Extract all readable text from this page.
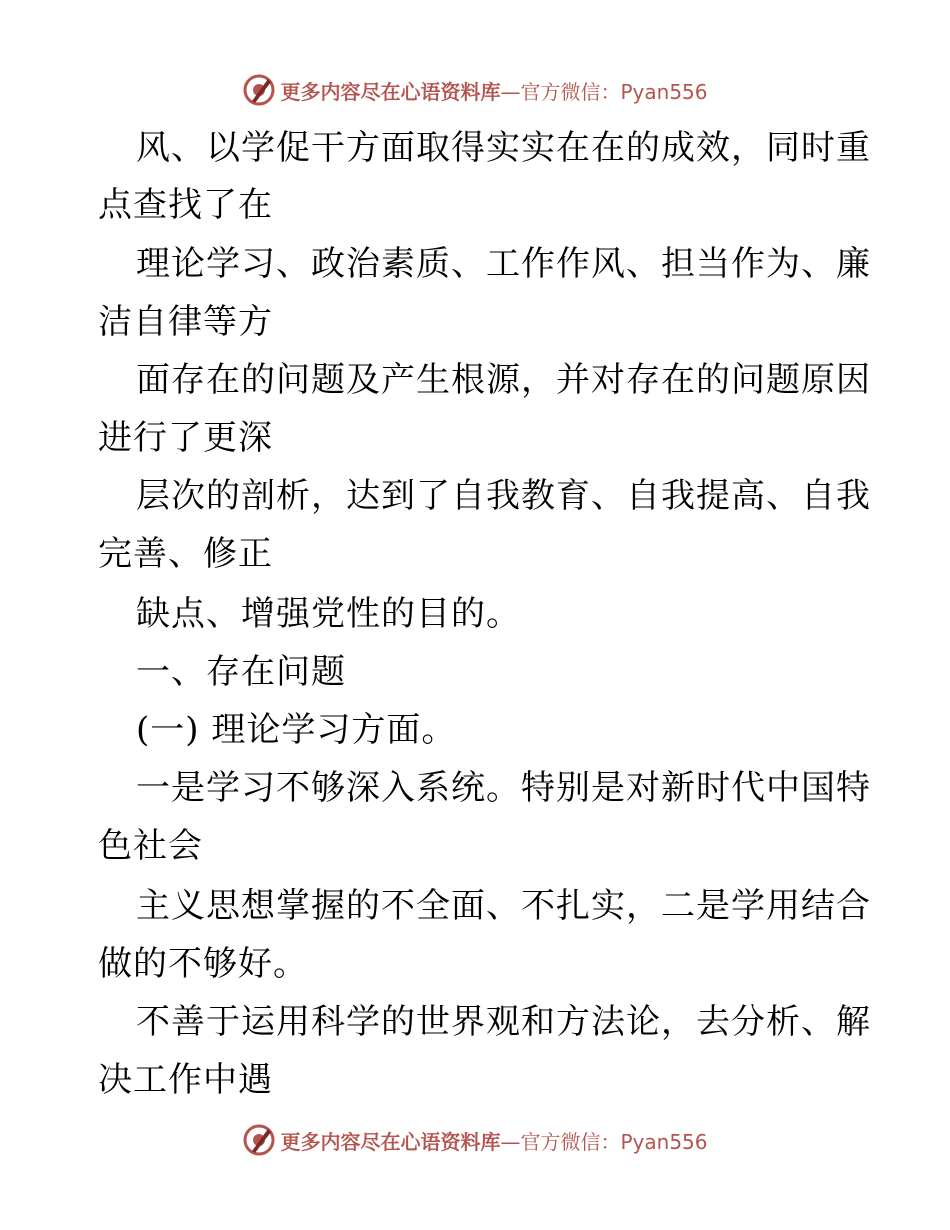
更多内容尽在心语资料库—官方微信：Pyan556
风、以学促干方面取得实实在在的成效，同时重
点查找了在
理论学习、政治素质、工作作风、担当作为、廉
洁自律等方
面存在的问题及产生根源，并对存在的问题原因
进行了更深
层次的剖析，达到了自我教育、自我提高、自我
完善、修正
缺点、增强党性的目的。
一、存在问题
(一) 理论学习方面。
一是学习不够深入系统。特别是对新时代中国特
色社会
主义思想掌握的不全面、不扎实，二是学用结合
做的不够好。
不善于运用科学的世界观和方法论，去分析、解
决工作中遇
更多内容尽在心语资料库—官方微信：Pyan556
